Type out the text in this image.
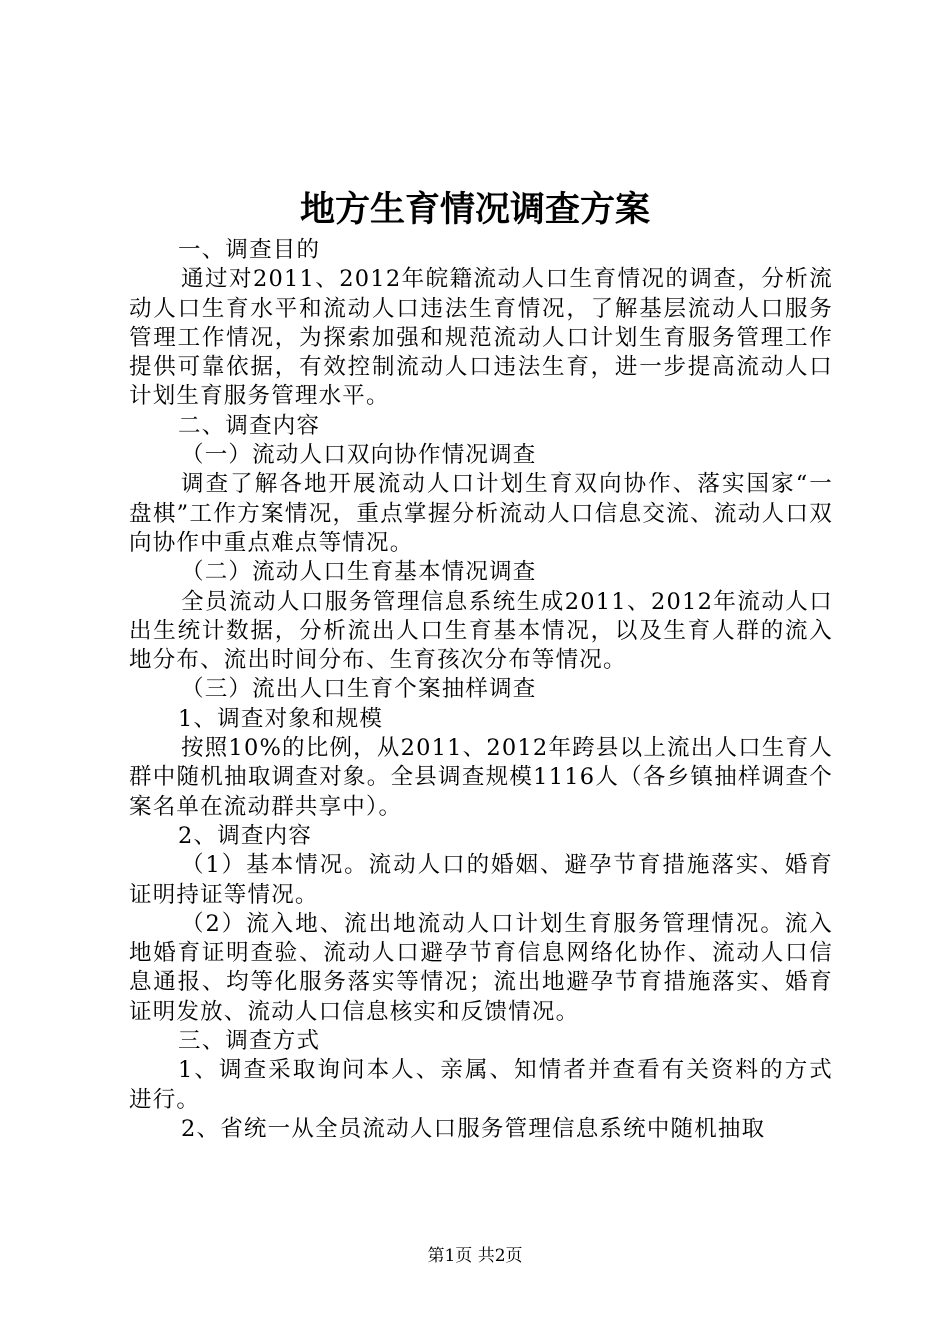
地方生育情况调查方案

一、调查目的

通过对2011、2012年皖籍流动人口生育情况的调查，分析流动人口生育水平和流动人口违法生育情况，了解基层流动人口服务管理工作情况，为探索加强和规范流动人口计划生育服务管理工作提供可靠依据，有效控制流动人口违法生育，进一步提高流动人口计划生育服务管理水平。

二、调查内容

（一）流动人口双向协作情况调查

调查了解各地开展流动人口计划生育双向协作、落实国家“一盘棋”工作方案情况，重点掌握分析流动人口信息交流、流动人口双向协作中重点难点等情况。

（二）流动人口生育基本情况调查

全员流动人口服务管理信息系统生成2011、2012年流动人口出生统计数据，分析流出人口生育基本情况，以及生育人群的流入地分布、流出时间分布、生育孩次分布等情况。

（三）流出人口生育个案抽样调查

1、调查对象和规模

按照10%的比例，从2011、2012年跨县以上流出人口生育人群中随机抽取调查对象。全县调查规模1116人（各乡镇抽样调查个案名单在流动群共享中）。

2、调查内容

（1）基本情况。流动人口的婚姻、避孕节育措施落实、婚育证明持证等情况。

（2）流入地、流出地流动人口计划生育服务管理情况。流入地婚育证明查验、流动人口避孕节育信息网络化协作、流动人口信息通报、均等化服务落实等情况；流出地避孕节育措施落实、婚育证明发放、流动人口信息核实和反馈情况。

三、调查方式

1、调查采取询问本人、亲属、知情者并查看有关资料的方式进行。

2、省统一从全员流动人口服务管理信息系统中随机抽取

第1页 共2页
